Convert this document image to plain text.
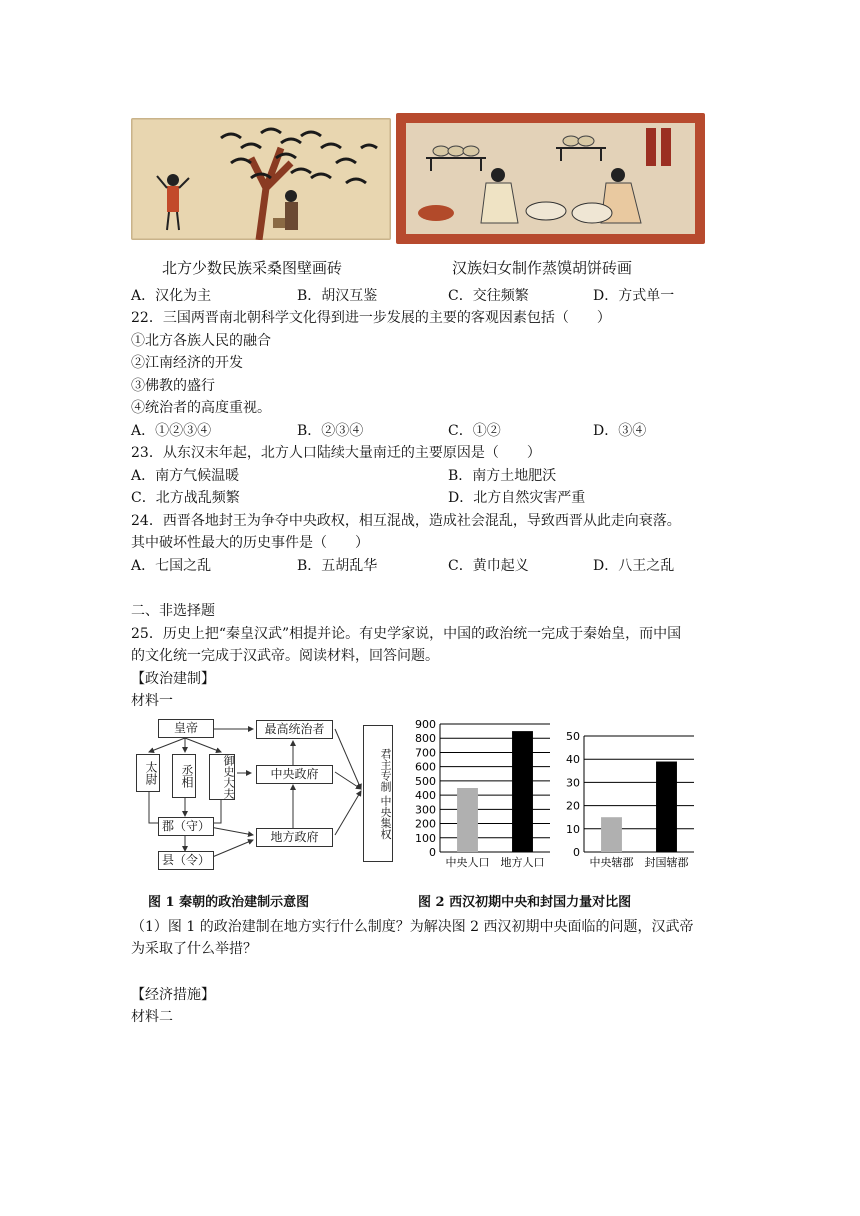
北方少数民族采桑图壁画砖	汉族妇女制作蒸馍胡饼砖画
A．汉化为主	B．胡汉互鉴	C．交往频繁	D．方式单一
22．三国两晋南北朝科学文化得到进一步发展的主要的客观因素包括（　　）
①北方各族人民的融合
②江南经济的开发
③佛教的盛行
④统治者的高度重视。
A．①②③④	B．②③④	C．①②	D．③④
23．从东汉末年起，北方人口陆续大量南迁的主要原因是（　　）
A．南方气候温暖	B．南方土地肥沃
C．北方战乱频繁	D．北方自然灾害严重
24．西晋各地封王为争夺中央政权，相互混战，造成社会混乱，导致西晋从此走向衰落。
其中破坏性最大的历史事件是（　　）
A．七国之乱	B．五胡乱华	C．黄巾起义	D．八王之乱
二、非选择题
25．历史上把“秦皇汉武”相提并论。有史学家说，中国的政治统一完成于秦始皇，而中国
的文化统一完成于汉武帝。阅读材料，回答问题。
【政治建制】
材料一
皇帝
太尉	丞相	御史大夫
郡（守）
县（令）
最高统治者
中央政府
地方政府	君主专制 中央集权
图 1 秦朝的政治建制示意图
0
100
200
300
400
500
600
700
800
900
中央人口 地方人口
0
10
20
30
40
50
中央辖郡 封国辖郡
图 2 西汉初期中央和封国力量对比图
（1）图 1 的政治建制在地方实行什么制度？为解决图 2 西汉初期中央面临的问题，汉武帝
为采取了什么举措？
【经济措施】
材料二
